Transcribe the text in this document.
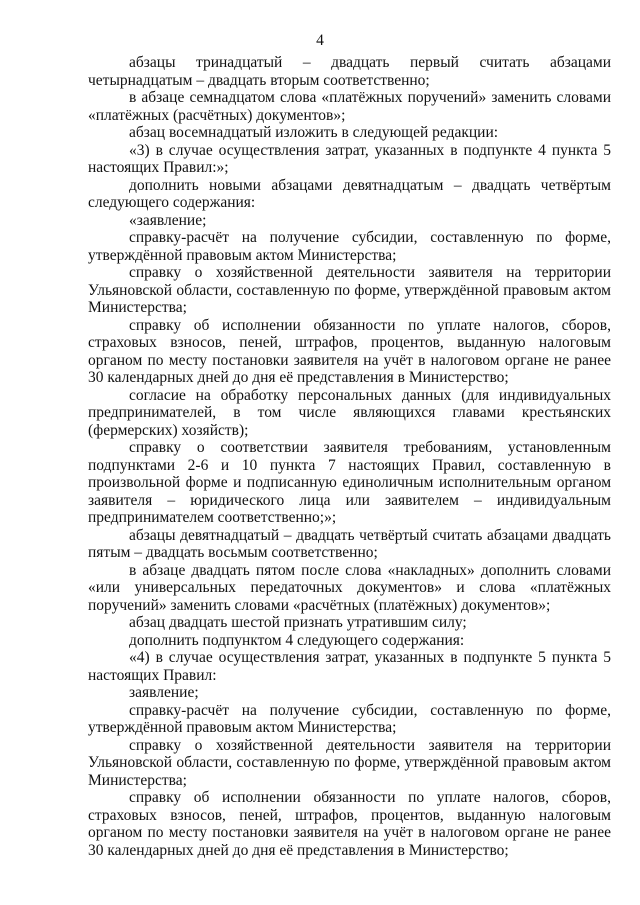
4

абзацы тринадцатый – двадцать первый считать абзацами четырнадцатым – двадцать вторым соответственно;

в абзаце семнадцатом слова «платёжных поручений» заменить словами «платёжных (расчётных) документов»;

абзац восемнадцатый изложить в следующей редакции:

«3) в случае осуществления затрат, указанных в подпункте 4 пункта 5 настоящих Правил:»;

дополнить новыми абзацами девятнадцатым – двадцать четвёртым следующего содержания:

«заявление;

справку-расчёт на получение субсидии, составленную по форме, утверждённой правовым актом Министерства;

справку о хозяйственной деятельности заявителя на территории Ульяновской области, составленную по форме, утверждённой правовым актом Министерства;

справку об исполнении обязанности по уплате налогов, сборов, страховых взносов, пеней, штрафов, процентов, выданную налоговым органом по месту постановки заявителя на учёт в налоговом органе не ранее 30 календарных дней до дня её представления в Министерство;

согласие на обработку персональных данных (для индивидуальных предпринимателей, в том числе являющихся главами крестьянских (фермерских) хозяйств);

справку о соответствии заявителя требованиям, установленным подпунктами 2-6 и 10 пункта 7 настоящих Правил, составленную в произвольной форме и подписанную единоличным исполнительным органом заявителя – юридического лица или заявителем – индивидуальным предпринимателем соответственно;»;

абзацы девятнадцатый – двадцать четвёртый считать абзацами двадцать пятым – двадцать восьмым соответственно;

в абзаце двадцать пятом после слова «накладных» дополнить словами «или универсальных передаточных документов» и слова «платёжных поручений» заменить словами «расчётных (платёжных) документов»;

абзац двадцать шестой признать утратившим силу;

дополнить подпунктом 4 следующего содержания:

«4) в случае осуществления затрат, указанных в подпункте 5 пункта 5 настоящих Правил:

заявление;

справку-расчёт на получение субсидии, составленную по форме, утверждённой правовым актом Министерства;

справку о хозяйственной деятельности заявителя на территории Ульяновской области, составленную по форме, утверждённой правовым актом Министерства;

справку об исполнении обязанности по уплате налогов, сборов, страховых взносов, пеней, штрафов, процентов, выданную налоговым органом по месту постановки заявителя на учёт в налоговом органе не ранее 30 календарных дней до дня её представления в Министерство;
